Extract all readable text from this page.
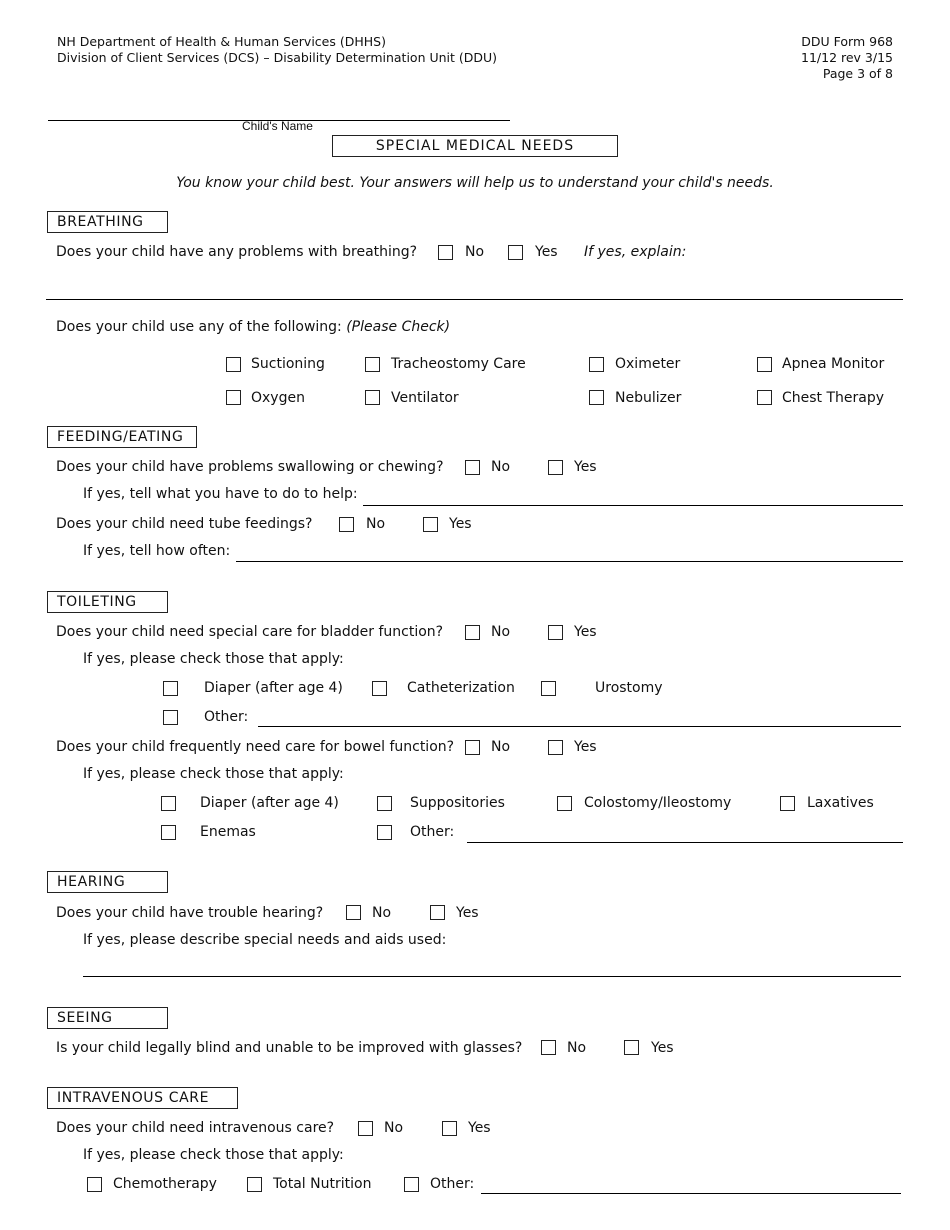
NH Department of Health & Human Services (DHHS)
Division of Client Services (DCS) – Disability Determination Unit (DDU)
DDU Form 968
11/12 rev 3/15
Page 3 of 8
Child's Name
SPECIAL MEDICAL NEEDS
You know your child best. Your answers will help us to understand your child's needs.
BREATHING
Does your child have any problems with breathing?	No	Yes If yes, explain:
Does your child use any of the following: (Please Check)
Suctioning	Tracheostomy Care	Oximeter	Apnea Monitor
Oxygen	Ventilator	Nebulizer	Chest Therapy
FEEDING/EATING
Does your child have problems swallowing or chewing?	No	Yes
If yes, tell what you have to do to help:
Does your child need tube feedings?	No	Yes
If yes, tell how often:
TOILETING
Does your child need special care for bladder function?	No	Yes
If yes, please check those that apply:
Diaper (after age 4)	Catheterization	Urostomy
Other:
Does your child frequently need care for bowel function?	No	Yes
If yes, please check those that apply:
Diaper (after age 4)	Suppositories	Colostomy/Ileostomy	Laxatives
Enemas	Other:
HEARING
Does your child have trouble hearing?	No	Yes
If yes, please describe special needs and aids used:
SEEING
Is your child legally blind and unable to be improved with glasses?	No	Yes
INTRAVENOUS CARE
Does your child need intravenous care?	No	Yes
If yes, please check those that apply:
Chemotherapy	Total Nutrition	Other:
